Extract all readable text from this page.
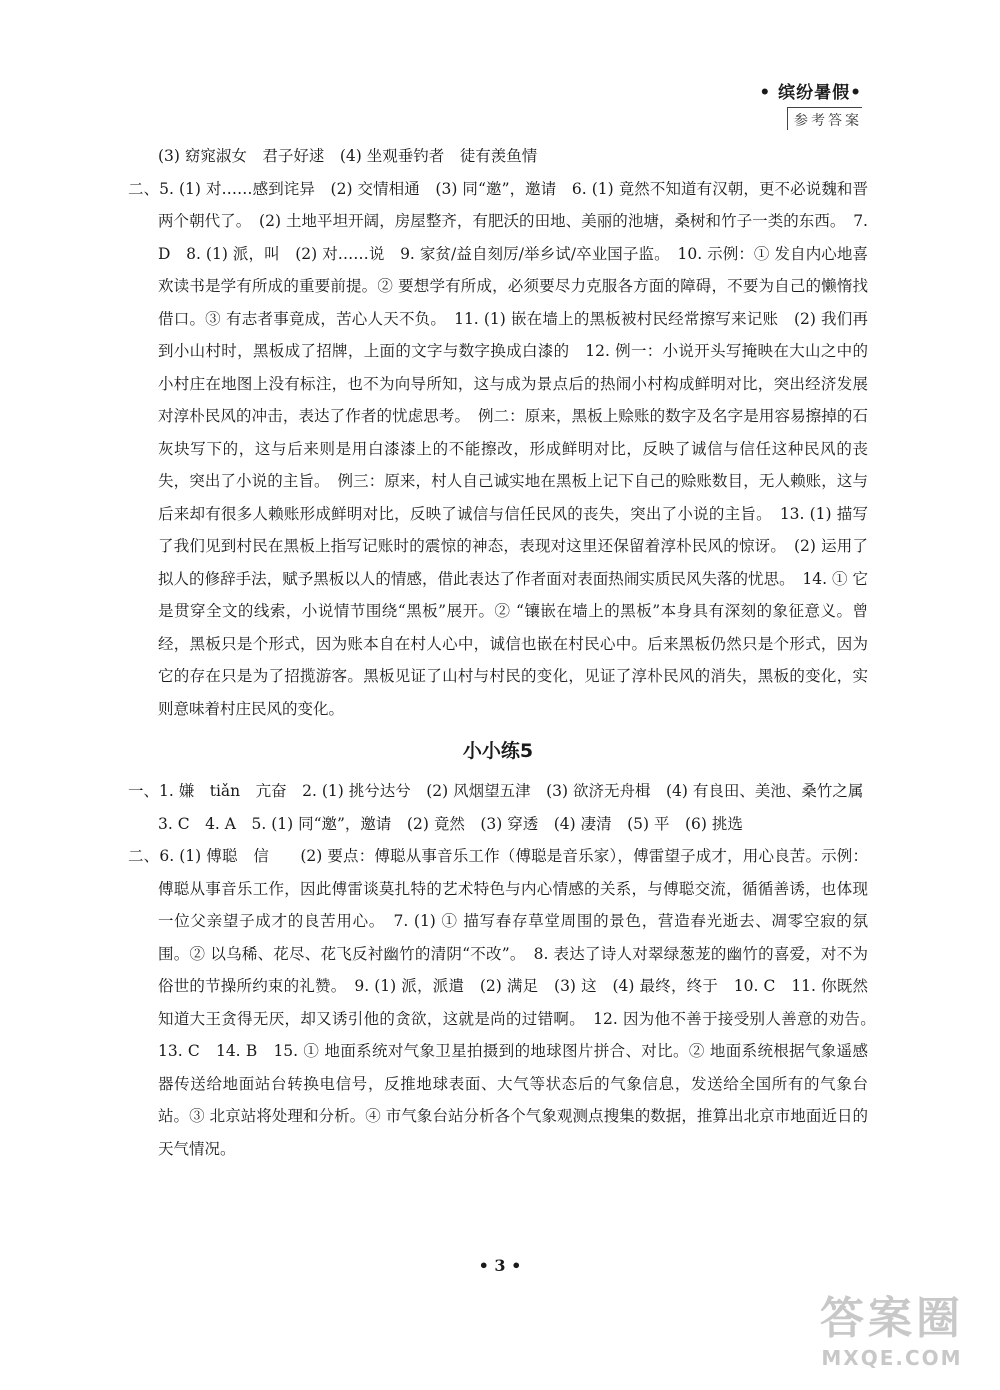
• 缤纷暑假•
参考答案

(3) 窈窕淑女　君子好逑　(4) 坐观垂钓者　徒有羡鱼情

二、5. (1) 对……感到诧异　(2) 交情相通　(3) 同“邀”，邀请　6. (1) 竟然不知道有汉朝，更不必说魏和晋两个朝代了。　(2) 土地平坦开阔，房屋整齐，有肥沃的田地、美丽的池塘，桑树和竹子一类的东西。　7. D　8. (1) 派，叫　(2) 对……说　9. 家贫/益自刻厉/举乡试/卒业国子监。　10. 示例：① 发自内心地喜欢读书是学有所成的重要前提。② 要想学有所成，必须要尽力克服各方面的障碍，不要为自己的懒惰找借口。③ 有志者事竟成，苦心人天不负。　11. (1) 嵌在墙上的黑板被村民经常擦写来记账　(2) 我们再到小山村时，黑板成了招牌，上面的文字与数字换成白漆的　12. 例一：小说开头写掩映在大山之中的小村庄在地图上没有标注，也不为向导所知，这与成为景点后的热闹小村构成鲜明对比，突出经济发展对淳朴民风的冲击，表达了作者的忧虑思考。　例二：原来，黑板上赊账的数字及名字是用容易擦掉的石灰块写下的，这与后来则是用白漆漆上的不能擦改，形成鲜明对比，反映了诚信与信任这种民风的丧失，突出了小说的主旨。　例三：原来，村人自己诚实地在黑板上记下自己的赊账数目，无人赖账，这与后来却有很多人赖账形成鲜明对比，反映了诚信与信任民风的丧失，突出了小说的主旨。　13. (1) 描写了我们见到村民在黑板上指写记账时的震惊的神态，表现对这里还保留着淳朴民风的惊讶。　(2) 运用了拟人的修辞手法，赋予黑板以人的情感，借此表达了作者面对表面热闹实质民风失落的忧思。　14. ① 它是贯穿全文的线索，小说情节围绕“黑板”展开。② “镶嵌在墙上的黑板”本身具有深刻的象征意义。曾经，黑板只是个形式，因为账本自在村人心中，诚信也嵌在村民心中。后来黑板仍然只是个形式，因为它的存在只是为了招揽游客。黑板见证了山村与村民的变化，见证了淳朴民风的消失，黑板的变化，实则意味着村庄民风的变化。

小小练5

一、1. 嫌　tiǎn　亢奋　2. (1) 挑兮达兮　(2) 风烟望五津　(3) 欲济无舟楫　(4) 有良田、美池、桑竹之属

3. C　4. A　5. (1) 同“邀”，邀请　(2) 竟然　(3) 穿透　(4) 凄清　(5) 平　(6) 挑选

二、6. (1) 傅聪　信　　(2) 要点：傅聪从事音乐工作（傅聪是音乐家），傅雷望子成才，用心良苦。示例：傅聪从事音乐工作，因此傅雷谈莫扎特的艺术特色与内心情感的关系，与傅聪交流，循循善诱，也体现一位父亲望子成才的良苦用心。　7. (1) ① 描写春存草堂周围的景色，营造春光逝去、凋零空寂的氛围。② 以乌稀、花尽、花飞反衬幽竹的清阴“不改”。　8. 表达了诗人对翠绿葱茏的幽竹的喜爱，对不为俗世的节操所约束的礼赞。　9. (1) 派，派遣　(2) 满足　(3) 这　(4) 最终，终于　10. C　11. 你既然知道大王贪得无厌，却又诱引他的贪欲，这就是尚的过错啊。　12. 因为他不善于接受别人善意的劝告。　13. C　14. B　15. ① 地面系统对气象卫星拍摄到的地球图片拼合、对比。② 地面系统根据气象遥感器传送给地面站台转换电信号，反推地球表面、大气等状态后的气象信息，发送给全国所有的气象台站。③ 北京站将处理和分析。④ 市气象台站分析各个气象观测点搜集的数据，推算出北京市地面近日的天气情况。

• 3 •
答案圈
MXQE.COM
